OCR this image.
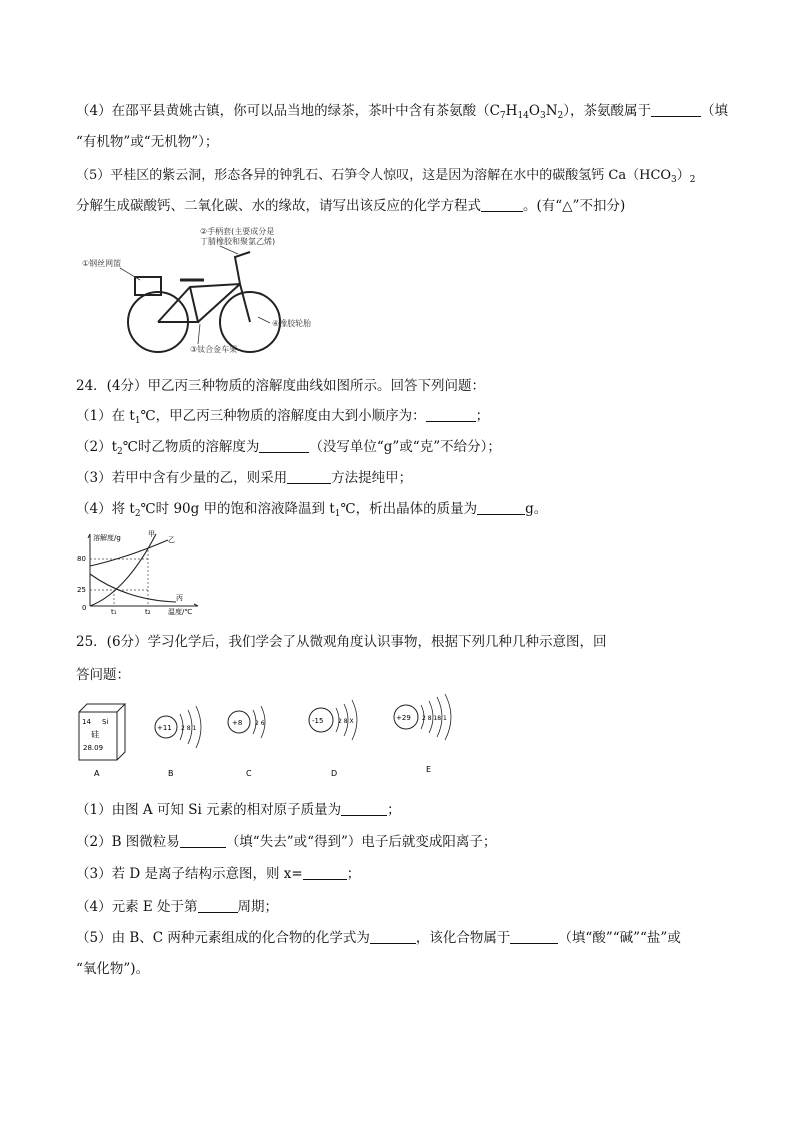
（4）在邵平县黄姚古镇，你可以品当地的绿茶，茶叶中含有茶氨酸$(C_7H_{14}O_3N_2)$，茶氨酸属于	（填
“有机物”或“无机物”）；
（5）平桂区的紫云洞，形态各异的钟乳石、石笋令人惊叹，这是因为溶解在水中的碳酸氢钙 $Ca(HCO_3)_2$
分解生成碳酸钙、二氧化碳、水的缘故，请写出该反应的化学方程式	。(有“△”不扣分)
②手柄套(主要成分是
丁腈橡胶和聚氯乙烯)
①钢丝网篮
④橡胶轮胎
③钛合金车架
24．(4分）甲乙丙三种物质的溶解度曲线如图所示。回答下列问题：
（1）在 $t_1℃$，甲乙丙三种物质的溶解度由大到小顺序为：	；
$(2)t_2℃$时乙物质的溶解度为	（没写单位“g”或“克”不给分）；
（3）若甲中含有少量的乙，则采用	方法提纯甲；
（4）将 $t_2℃$时 90g 甲的饱和溶液降温到 $t_1℃$，析出晶体的质量为	g。
溶解度/g
温度/℃
80
25
0	t₁	t₂
甲
乙
丙
25．(6分）学习化学后，我们学会了从微观角度认识事物，根据下列几种几种示意图，回
答问题：
14 Si
硅
28.09
A
+11 2 8 1
B
+8 2 6
C
-15 2 8 X
D
+29 2 8 18 1
E
（1）由图 A 可知 Si 元素的相对原子质量为	；
（2）B 图微粒易	（填“失去”或“得到”）电子后就变成阳离子；
（3）若 D 是离子结构示意图，则 x=	；
（4）元素 E 处于第	周期；
（5）由 B、C 两种元素组成的化合物的化学式为	，该化合物属于	（填“酸”“碱”“盐”或
“氧化物”)。
